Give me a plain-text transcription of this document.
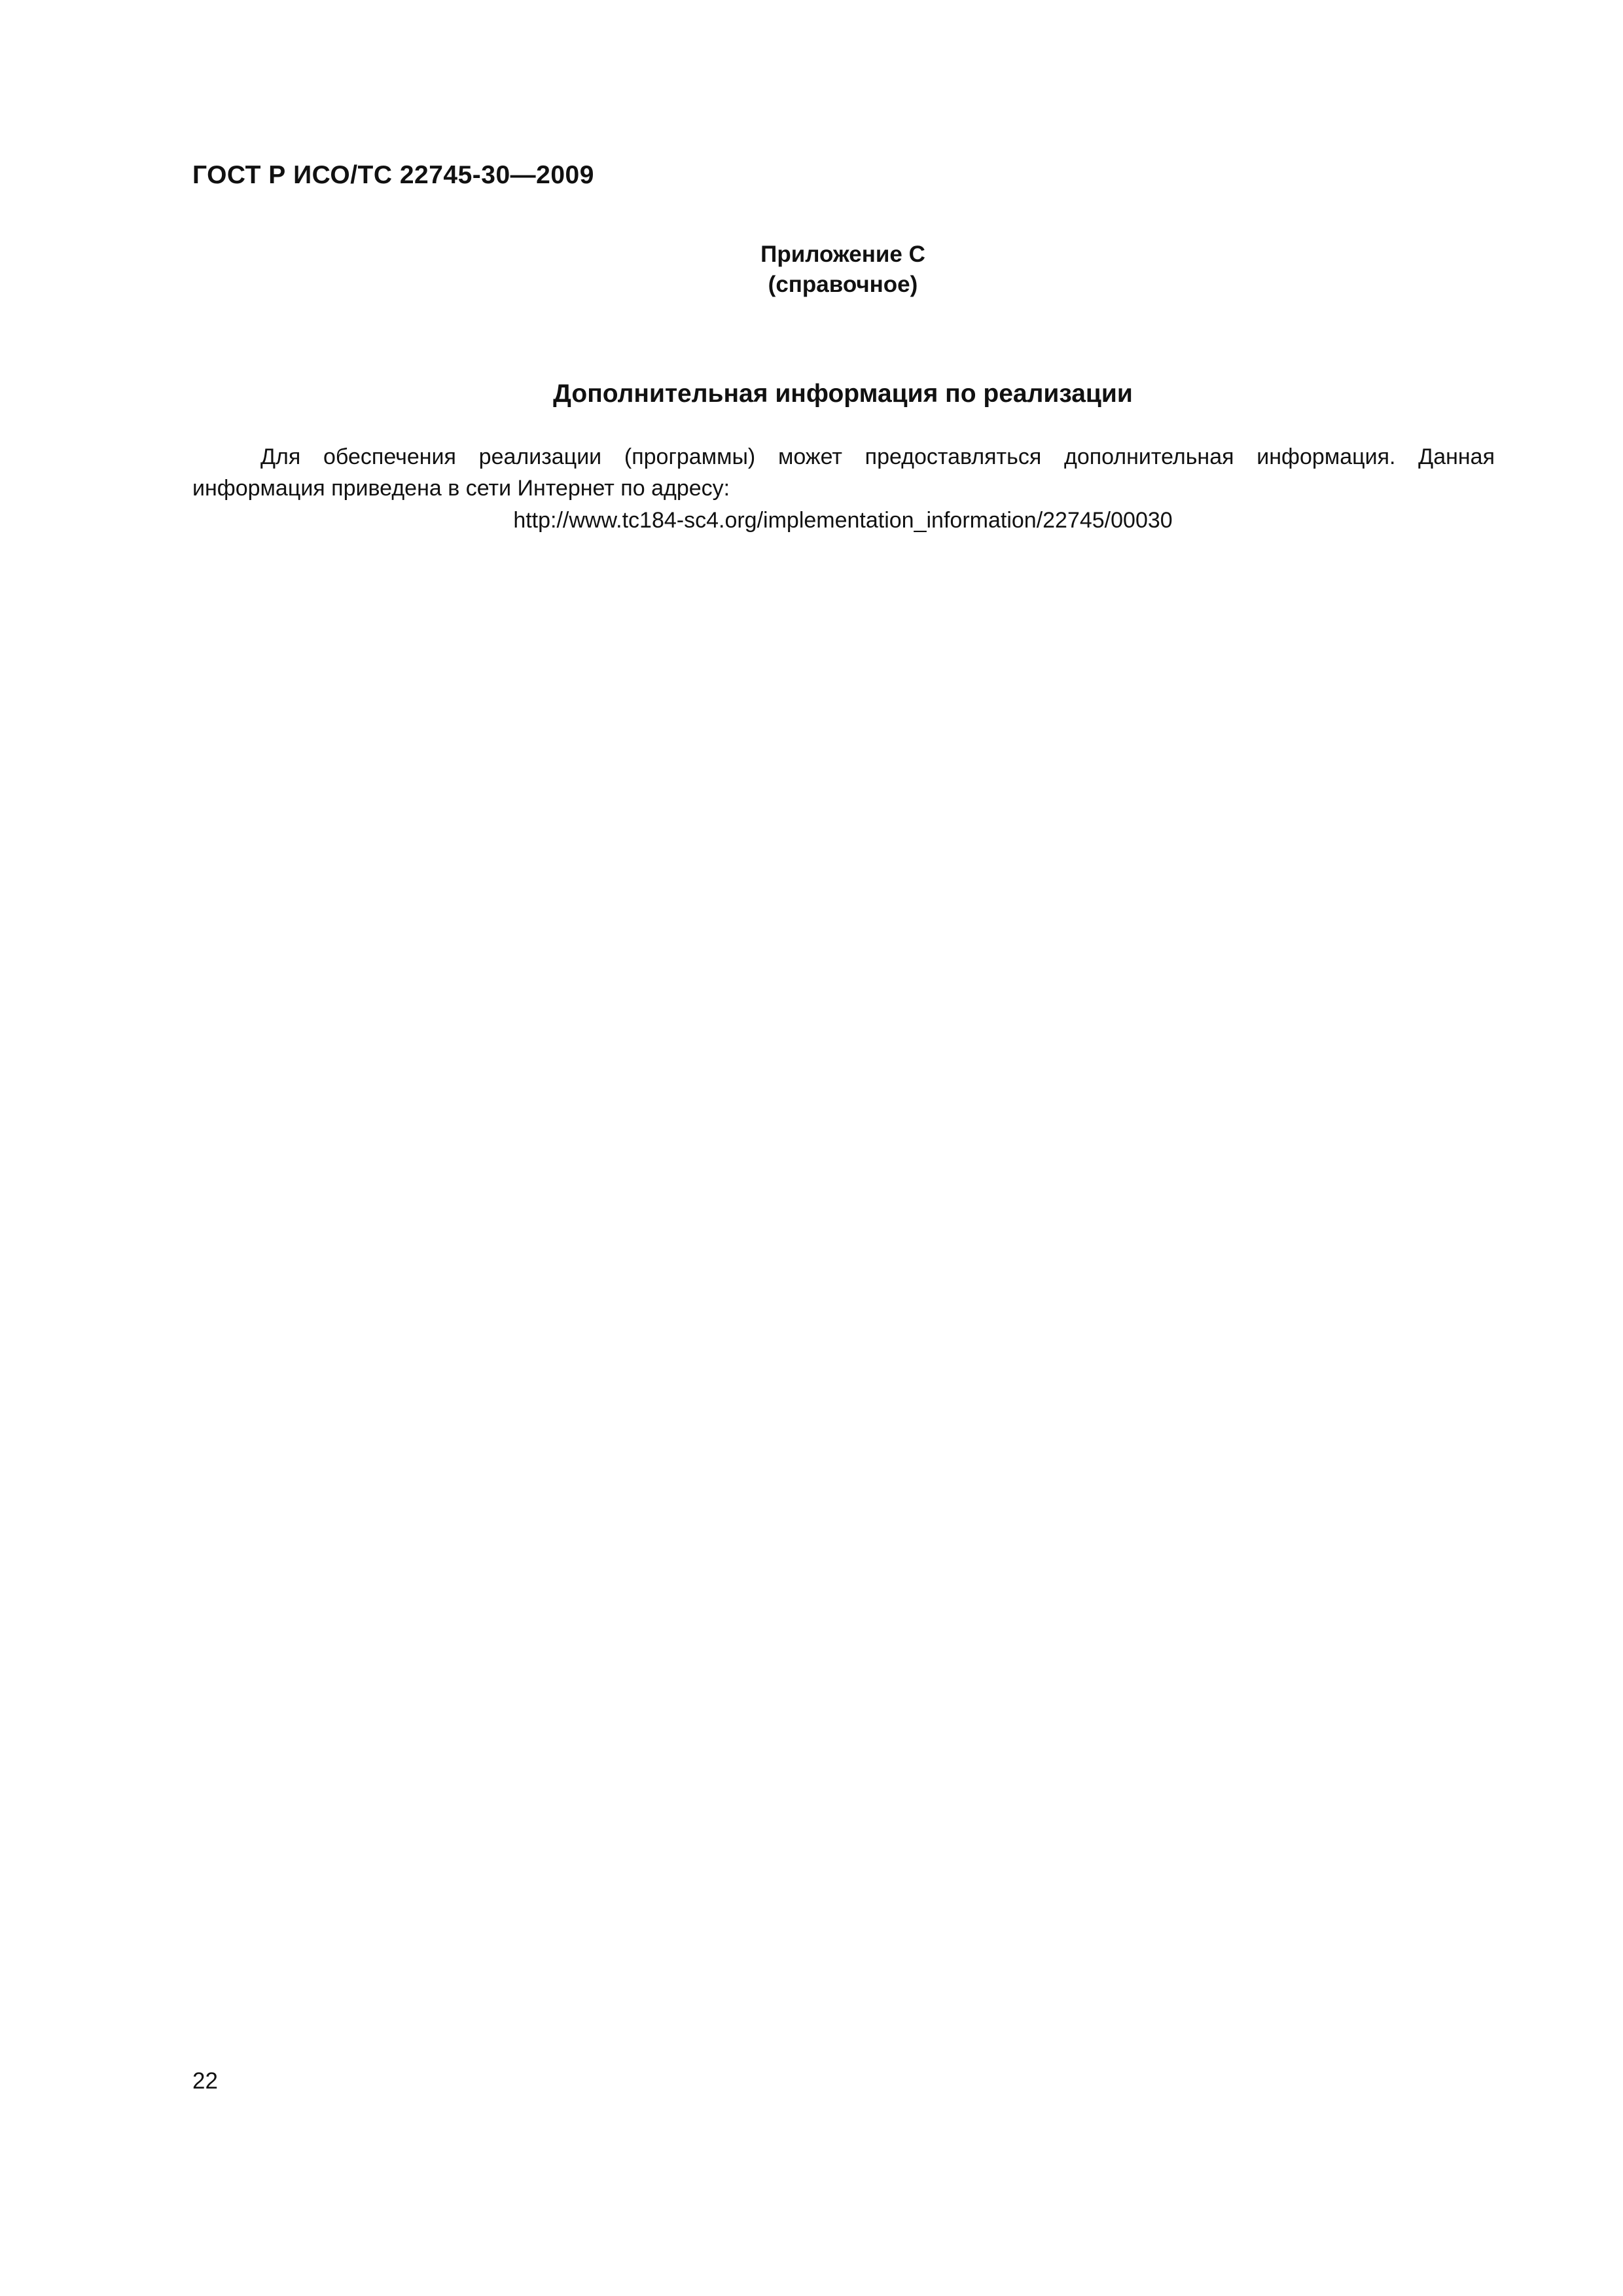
ГОСТ Р ИСО/ТС 22745-30—2009
Приложение С
(справочное)
Дополнительная информация по реализации
Для обеспечения реализации (программы) может предоставляться дополнительная информация. Данная информация приведена в сети Интернет по адресу:
http://www.tc184-sc4.org/implementation_information/22745/00030
22
